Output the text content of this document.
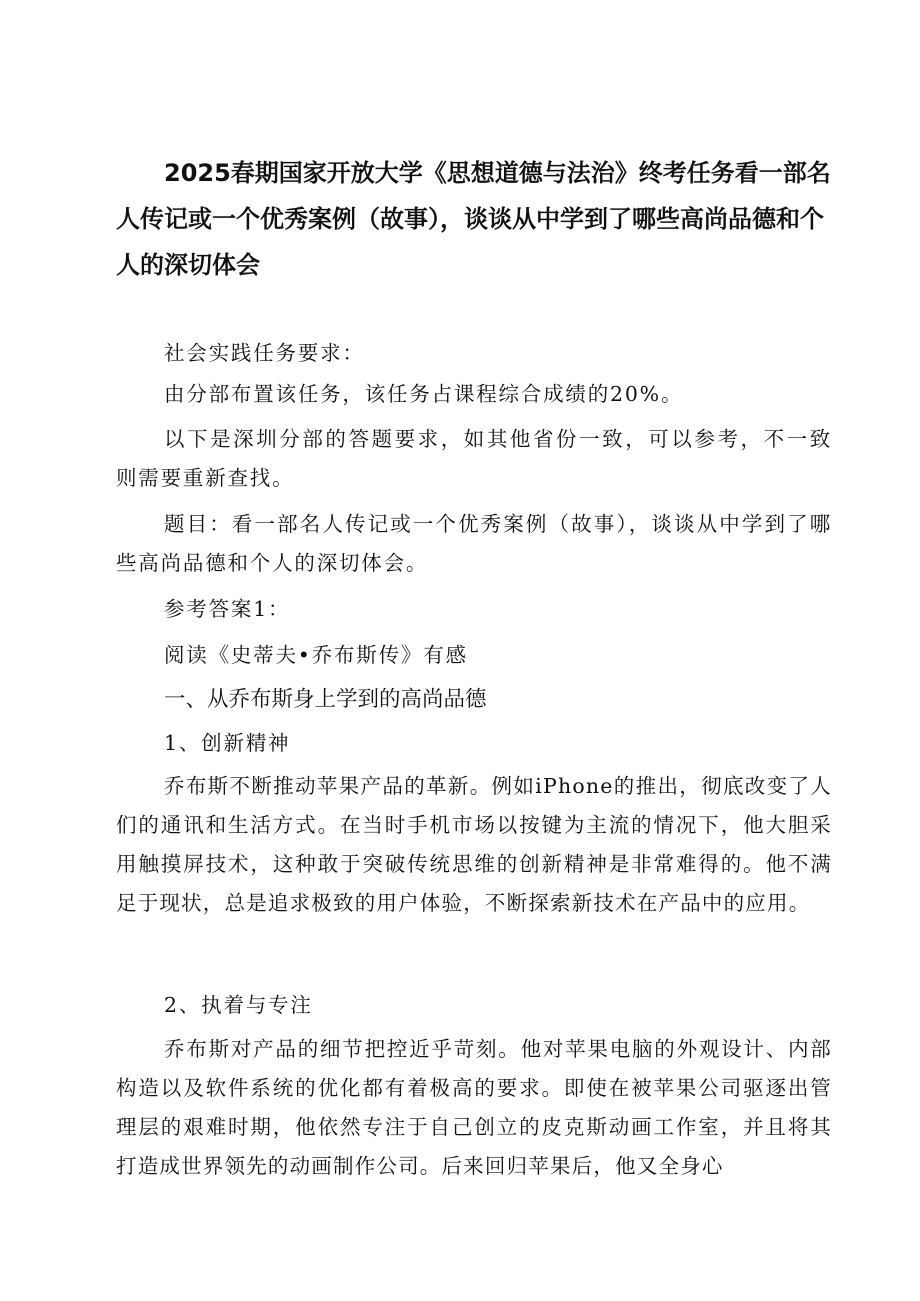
2025春期国家开放大学《思想道德与法治》终考任务看一部名人传记或一个优秀案例（故事），谈谈从中学到了哪些高尚品德和个人的深切体会

社会实践任务要求：

由分部布置该任务，该任务占课程综合成绩的20%。

以下是深圳分部的答题要求，如其他省份一致，可以参考，不一致则需要重新查找。

题目：看一部名人传记或一个优秀案例（故事），谈谈从中学到了哪些高尚品德和个人的深切体会。

参考答案1：

阅读《史蒂夫•乔布斯传》有感

一、从乔布斯身上学到的高尚品德

1、创新精神

乔布斯不断推动苹果产品的革新。例如iPhone的推出，彻底改变了人们的通讯和生活方式。在当时手机市场以按键为主流的情况下，他大胆采用触摸屏技术，这种敢于突破传统思维的创新精神是非常难得的。他不满足于现状，总是追求极致的用户体验，不断探索新技术在产品中的应用。

2、执着与专注

乔布斯对产品的细节把控近乎苛刻。他对苹果电脑的外观设计、内部构造以及软件系统的优化都有着极高的要求。即使在被苹果公司驱逐出管理层的艰难时期，他依然专注于自己创立的皮克斯动画工作室，并且将其打造成世界领先的动画制作公司。后来回归苹果后，他又全身心
